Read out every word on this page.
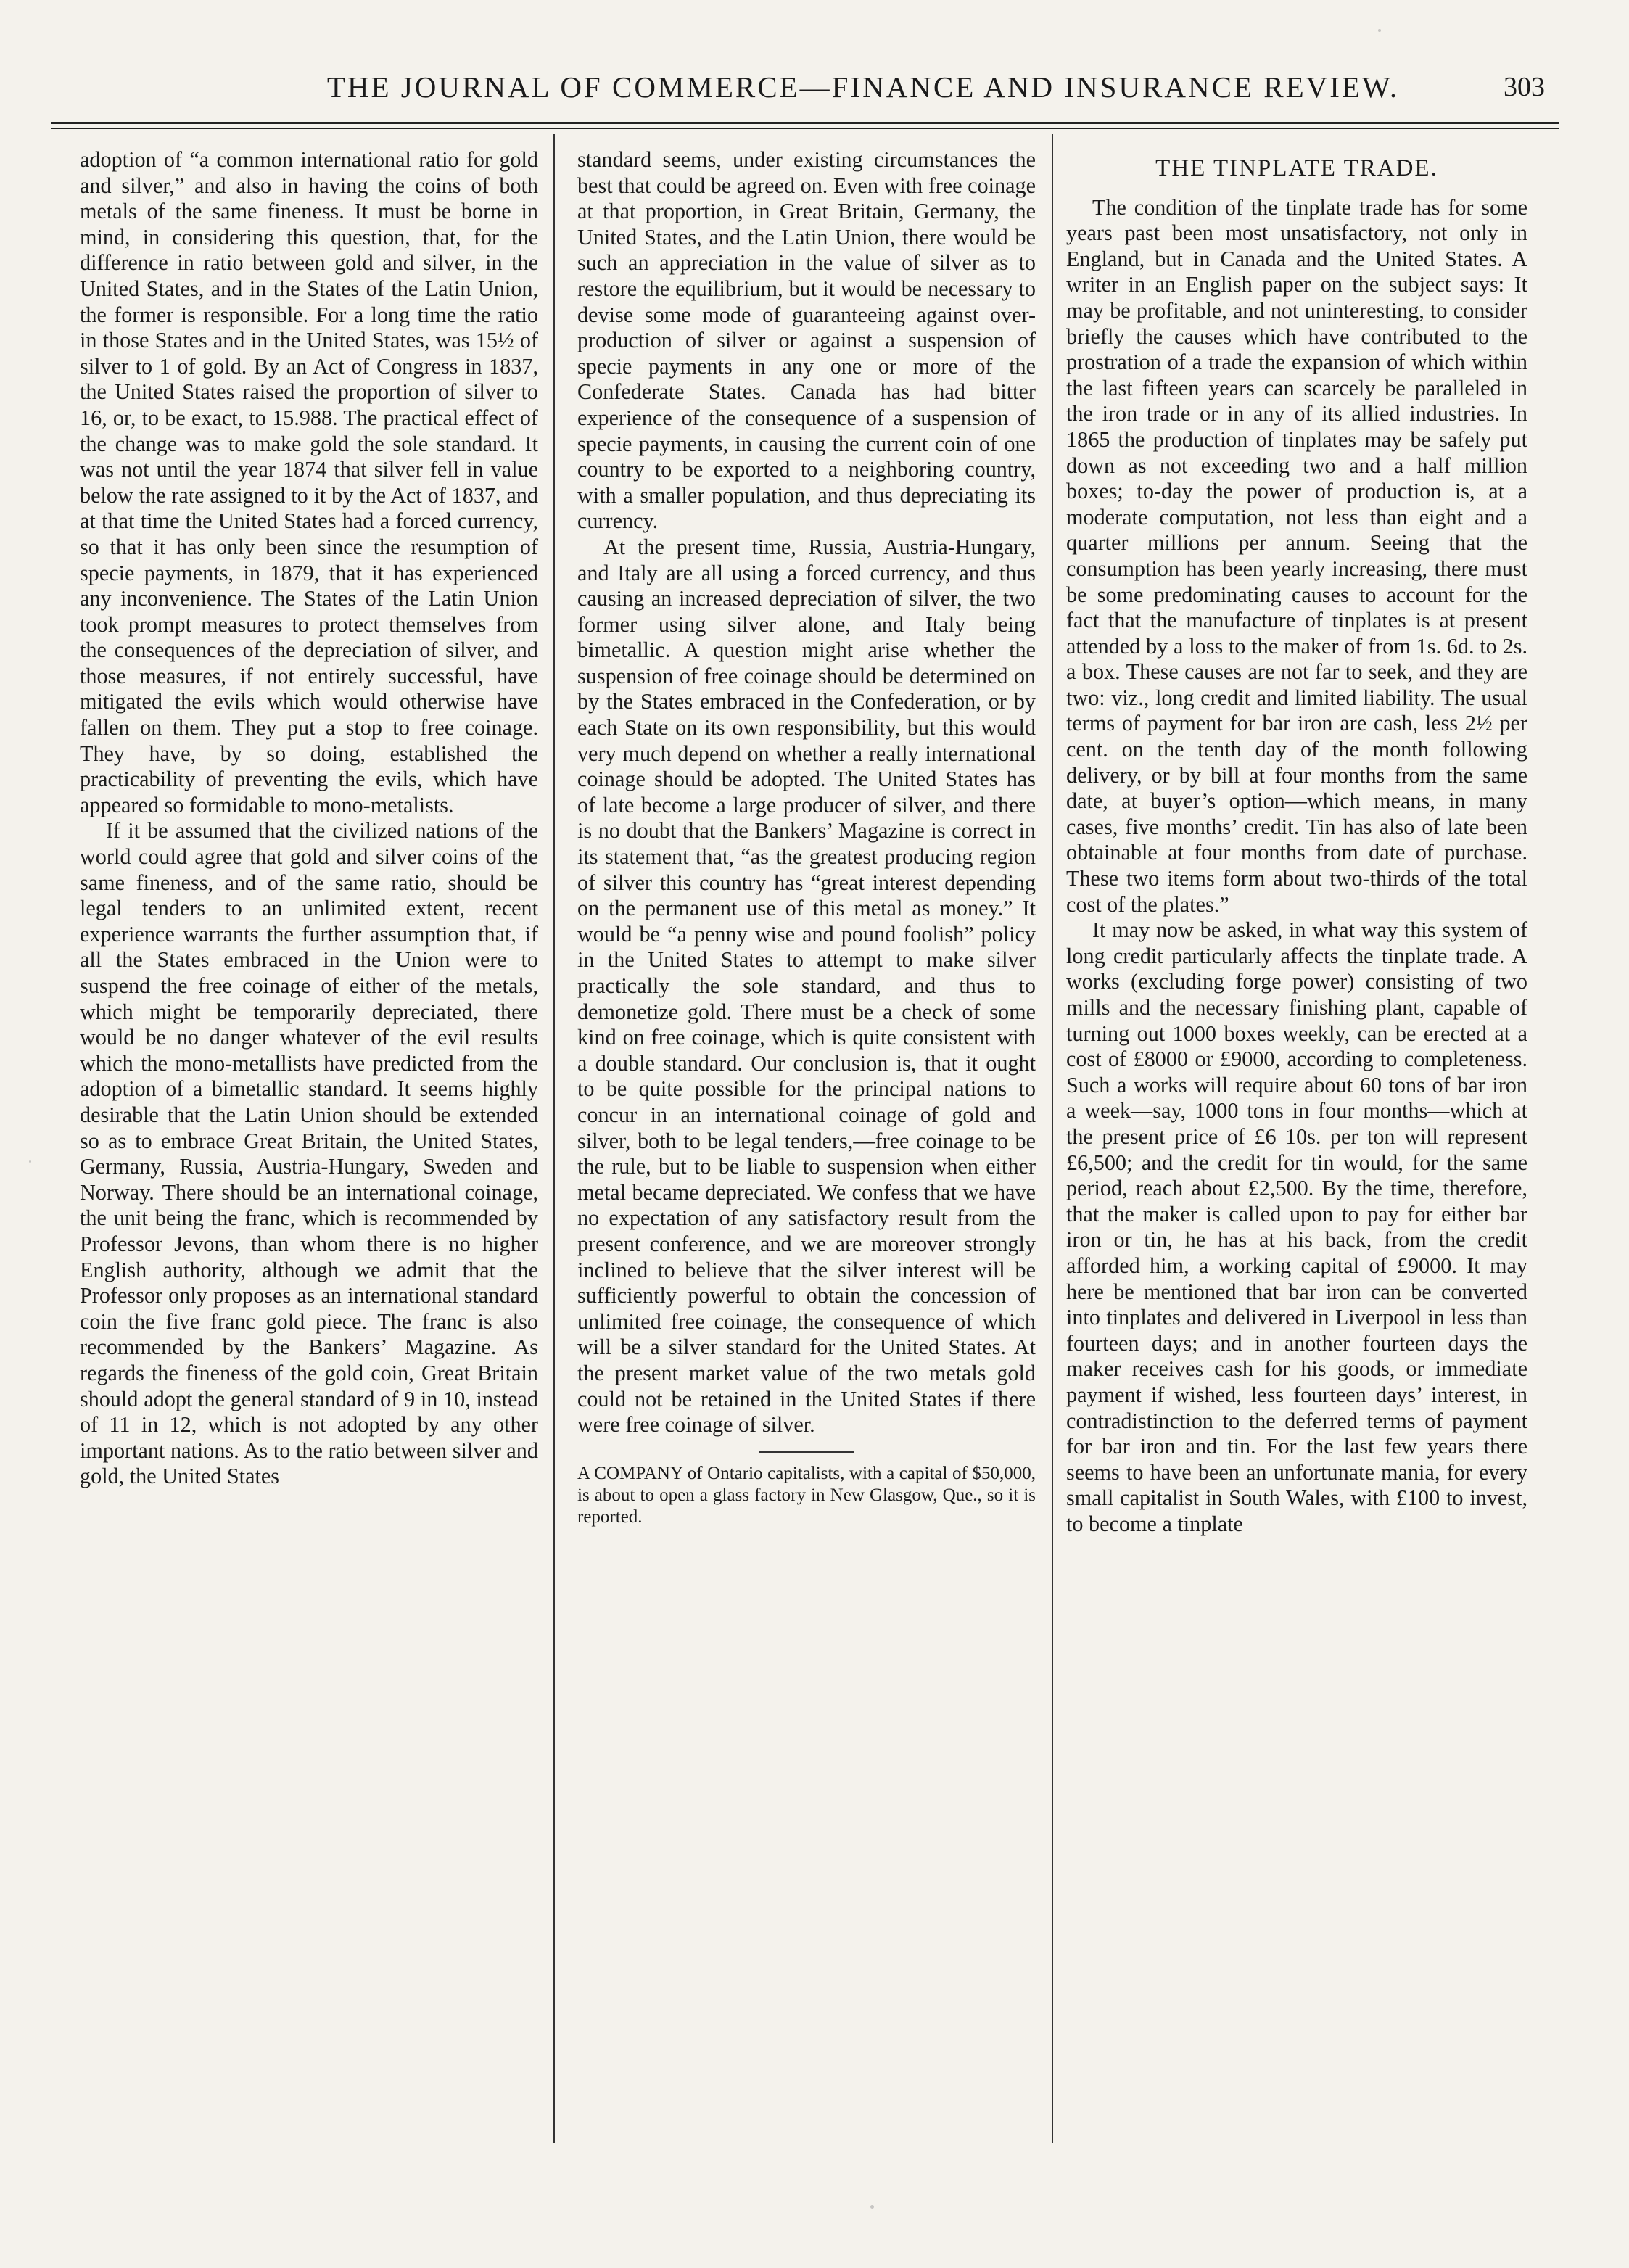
THE JOURNAL OF COMMERCE—FINANCE AND INSURANCE REVIEW.	303

adoption of “a common international ratio for gold and silver,” and also in having the coins of both metals of the same fineness. It must be borne in mind, in considering this question, that, for the difference in ratio between gold and silver, in the United States, and in the States of the Latin Union, the former is responsible. For a long time the ratio in those States and in the United States, was 15½ of silver to 1 of gold. By an Act of Congress in 1837, the United States raised the proportion of silver to 16, or, to be exact, to 15.988. The practical effect of the change was to make gold the sole standard. It was not until the year 1874 that silver fell in value below the rate assigned to it by the Act of 1837, and at that time the United States had a forced currency, so that it has only been since the resumption of specie payments, in 1879, that it has experienced any inconvenience. The States of the Latin Union took prompt measures to protect themselves from the consequences of the depreciation of silver, and those measures, if not entirely successful, have mitigated the evils which would otherwise have fallen on them. They put a stop to free coinage. They have, by so doing, established the practicability of preventing the evils, which have appeared so formidable to mono-metalists.

If it be assumed that the civilized nations of the world could agree that gold and silver coins of the same fineness, and of the same ratio, should be legal tenders to an unlimited extent, recent experience warrants the further assumption that, if all the States embraced in the Union were to suspend the free coinage of either of the metals, which might be temporarily depreciated, there would be no danger whatever of the evil results which the mono-metallists have predicted from the adoption of a bimetallic standard. It seems highly desirable that the Latin Union should be extended so as to embrace Great Britain, the United States, Germany, Russia, Austria-Hungary, Sweden and Norway. There should be an international coinage, the unit being the franc, which is recommended by Professor Jevons, than whom there is no higher English authority, although we admit that the Professor only proposes as an international standard coin the five franc gold piece. The franc is also recommended by the Bankers’ Magazine. As regards the fineness of the gold coin, Great Britain should adopt the general standard of 9 in 10, instead of 11 in 12, which is not adopted by any other important nations. As to the ratio between silver and gold, the United States

standard seems, under existing circumstances the best that could be agreed on. Even with free coinage at that proportion, in Great Britain, Germany, the United States, and the Latin Union, there would be such an appreciation in the value of silver as to restore the equilibrium, but it would be necessary to devise some mode of guaranteeing against over-production of silver or against a suspension of specie payments in any one or more of the Confederate States. Canada has had bitter experience of the consequence of a suspension of specie payments, in causing the current coin of one country to be exported to a neighboring country, with a smaller population, and thus depreciating its currency.

At the present time, Russia, Austria-Hungary, and Italy are all using a forced currency, and thus causing an increased depreciation of silver, the two former using silver alone, and Italy being bimetallic. A question might arise whether the suspension of free coinage should be determined on by the States embraced in the Confederation, or by each State on its own responsibility, but this would very much depend on whether a really international coinage should be adopted. The United States has of late become a large producer of silver, and there is no doubt that the Bankers’ Magazine is correct in its statement that, “as the greatest producing region of silver this country has “great interest depending on the permanent use of this metal as money.” It would be “a penny wise and pound foolish” policy in the United States to attempt to make silver practically the sole standard, and thus to demonetize gold. There must be a check of some kind on free coinage, which is quite consistent with a double standard. Our conclusion is, that it ought to be quite possible for the principal nations to concur in an international coinage of gold and silver, both to be legal tenders,—free coinage to be the rule, but to be liable to suspension when either metal became depreciated. We confess that we have no expectation of any satisfactory result from the present conference, and we are moreover strongly inclined to believe that the silver interest will be sufficiently powerful to obtain the concession of unlimited free coinage, the consequence of which will be a silver standard for the United States. At the present market value of the two metals gold could not be retained in the United States if there were free coinage of silver.

A COMPANY of Ontario capitalists, with a capital of $50,000, is about to open a glass factory in New Glasgow, Que., so it is reported.

THE TINPLATE TRADE.

The condition of the tinplate trade has for some years past been most unsatisfactory, not only in England, but in Canada and the United States. A writer in an English paper on the subject says: It may be profitable, and not uninteresting, to consider briefly the causes which have contributed to the prostration of a trade the expansion of which within the last fifteen years can scarcely be paralleled in the iron trade or in any of its allied industries. In 1865 the production of tinplates may be safely put down as not exceeding two and a half million boxes; to-day the power of production is, at a moderate computation, not less than eight and a quarter millions per annum. Seeing that the consumption has been yearly increasing, there must be some predominating causes to account for the fact that the manufacture of tinplates is at present attended by a loss to the maker of from 1s. 6d. to 2s. a box. These causes are not far to seek, and they are two: viz., long credit and limited liability. The usual terms of payment for bar iron are cash, less 2½ per cent. on the tenth day of the month following delivery, or by bill at four months from the same date, at buyer’s option—which means, in many cases, five months’ credit. Tin has also of late been obtainable at four months from date of purchase. These two items form about two-thirds of the total cost of the plates.”

It may now be asked, in what way this system of long credit particularly affects the tinplate trade. A works (excluding forge power) consisting of two mills and the necessary finishing plant, capable of turning out 1000 boxes weekly, can be erected at a cost of £8000 or £9000, according to completeness. Such a works will require about 60 tons of bar iron a week—say, 1000 tons in four months—which at the present price of £6 10s. per ton will represent £6,500; and the credit for tin would, for the same period, reach about £2,500. By the time, therefore, that the maker is called upon to pay for either bar iron or tin, he has at his back, from the credit afforded him, a working capital of £9000. It may here be mentioned that bar iron can be converted into tinplates and delivered in Liverpool in less than fourteen days; and in another fourteen days the maker receives cash for his goods, or immediate payment if wished, less fourteen days’ interest, in contradistinction to the deferred terms of payment for bar iron and tin. For the last few years there seems to have been an unfortunate mania, for every small capitalist in South Wales, with £100 to invest, to become a tinplate
